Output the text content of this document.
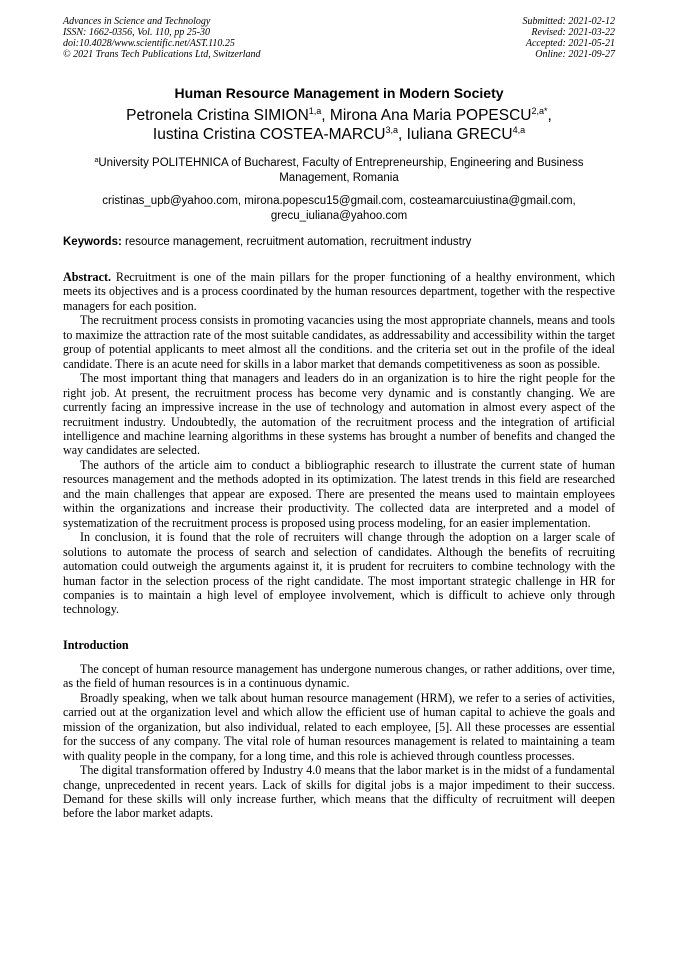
Advances in Science and Technology
ISSN: 1662-0356, Vol. 110, pp 25-30
doi:10.4028/www.scientific.net/AST.110.25
© 2021 Trans Tech Publications Ltd, Switzerland
Submitted: 2021-02-12
Revised: 2021-03-22
Accepted: 2021-05-21
Online: 2021-09-27
Human Resource Management in Modern Society
Petronela Cristina SIMION$^{1,a}$, Mirona Ana Maria $POPESCU^{2,a*}$,
Iustina Cristina COSTEA-MARCU$^{3,a}$, Iuliana GRECU$^{4,a}$
$^a$University POLITEHNICA of Bucharest, Faculty of Entrepreneurship, Engineering and Business Management, Romania
cristinas_upb@yahoo.com, mirona.popescu15@gmail.com, costeamarcuiustina@gmail.com,
grecu_iuliana@yahoo.com
Keywords: resource management, recruitment automation, recruitment industry

Abstract. Recruitment is one of the main pillars for the proper functioning of a healthy environment, which meets its objectives and is a process coordinated by the human resources department, together with the respective managers for each position.

The recruitment process consists in promoting vacancies using the most appropriate channels, means and tools to maximize the attraction rate of the most suitable candidates, as addressability and accessibility within the target group of potential applicants to meet almost all the conditions. and the criteria set out in the profile of the ideal candidate. There is an acute need for skills in a labor market that demands competitiveness as soon as possible.

The most important thing that managers and leaders do in an organization is to hire the right people for the right job. At present, the recruitment process has become very dynamic and is constantly changing. We are currently facing an impressive increase in the use of technology and automation in almost every aspect of the recruitment industry. Undoubtedly, the automation of the recruitment process and the integration of artificial intelligence and machine learning algorithms in these systems has brought a number of benefits and changed the way candidates are selected.

The authors of the article aim to conduct a bibliographic research to illustrate the current state of human resources management and the methods adopted in its optimization. The latest trends in this field are researched and the main challenges that appear are exposed. There are presented the means used to maintain employees within the organizations and increase their productivity. The collected data are interpreted and a model of systematization of the recruitment process is proposed using process modeling, for an easier implementation.

In conclusion, it is found that the role of recruiters will change through the adoption on a larger scale of solutions to automate the process of search and selection of candidates. Although the benefits of recruiting automation could outweigh the arguments against it, it is prudent for recruiters to combine technology with the human factor in the selection process of the right candidate. The most important strategic challenge in HR for companies is to maintain a high level of employee involvement, which is difficult to achieve only through technology.

Introduction

The concept of human resource management has undergone numerous changes, or rather additions, over time, as the field of human resources is in a continuous dynamic.

Broadly speaking, when we talk about human resource management (HRM), we refer to a series of activities, carried out at the organization level and which allow the efficient use of human capital to achieve the goals and mission of the organization, but also individual, related to each employee, [5]. All these processes are essential for the success of any company. The vital role of human resources management is related to maintaining a team with quality people in the company, for a long time, and this role is achieved through countless processes.

The digital transformation offered by Industry 4.0 means that the labor market is in the midst of a fundamental change, unprecedented in recent years. Lack of skills for digital jobs is a major impediment to their success. Demand for these skills will only increase further, which means that the difficulty of recruitment will deepen before the labor market adapts.
